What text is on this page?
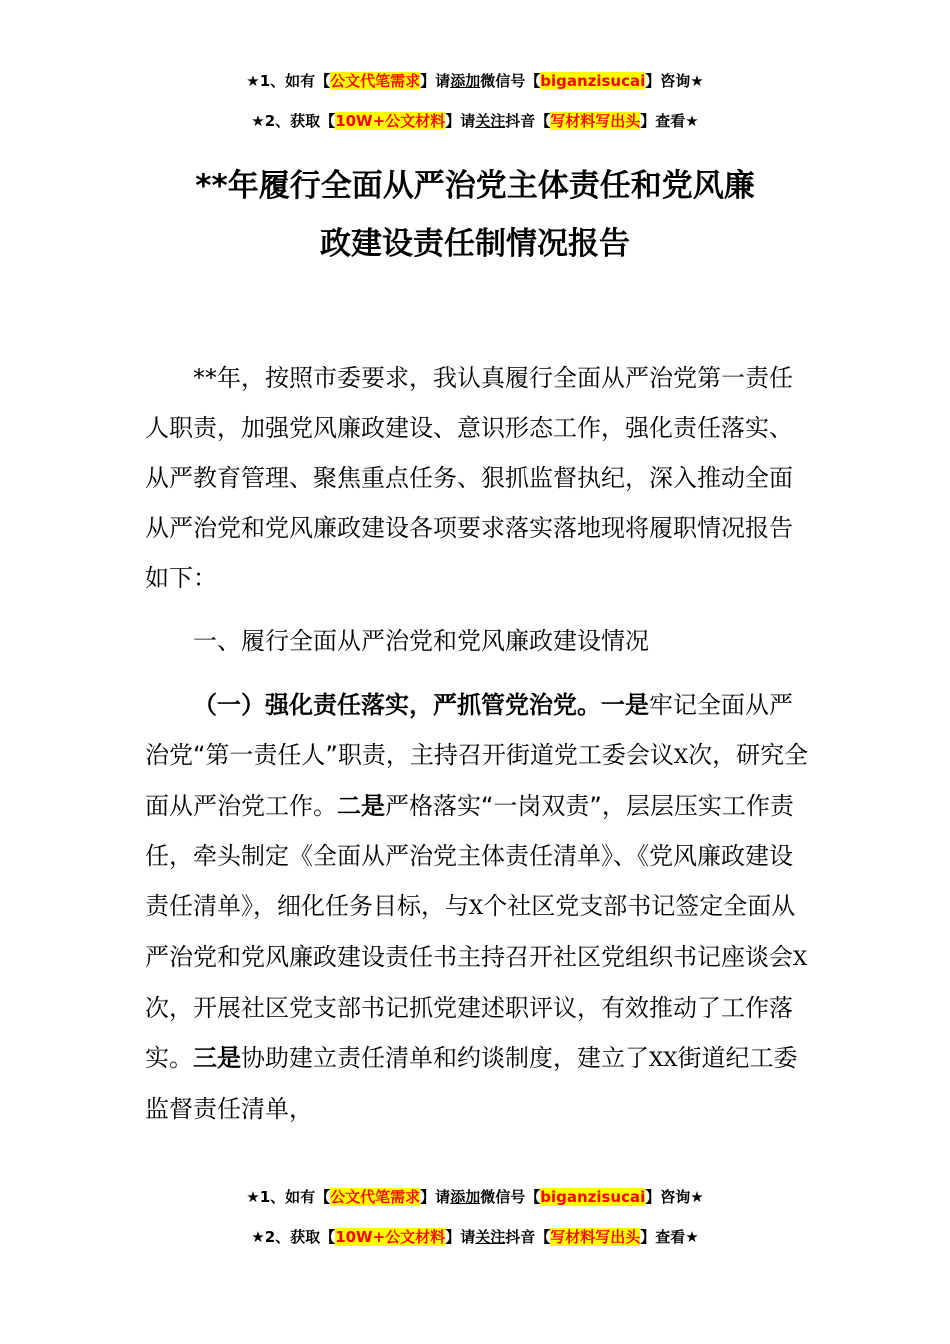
★1、如有【公文代笔需求】请添加微信号【biganzisucai】咨询★
★2、获取【10W+公文材料】请关注抖音【写材料写出头】查看★
**年履行全面从严治党主体责任和党风廉
政建设责任制情况报告

**年，按照市委要求，我认真履行全面从严治党第一责任人职责，加强党风廉政建设、意识形态工作，强化责任落实、从严教育管理、聚焦重点任务、狠抓监督执纪，深入推动全面从严治党和党风廉政建设各项要求落实落地现将履职情况报告如下：

一、履行全面从严治党和党风廉政建设情况

（一）强化责任落实，严抓管党治党。一是牢记全面从严治党“第一责任人”职责，主持召开街道党工委会议X次，研究全面从严治党工作。二是严格落实“一岗双责”，层层压实工作责任，牵头制定《全面从严治党主体责任清单》、《党风廉政建设责任清单》，细化任务目标，与X个社区党支部书记签定全面从严治党和党风廉政建设责任书主持召开社区党组织书记座谈会X次，开展社区党支部书记抓党建述职评议，有效推动了工作落实。三是协助建立责任清单和约谈制度，建立了XX街道纪工委监督责任清单，

★1、如有【公文代笔需求】请添加微信号【biganzisucai】咨询★
★2、获取【10W+公文材料】请关注抖音【写材料写出头】查看★
